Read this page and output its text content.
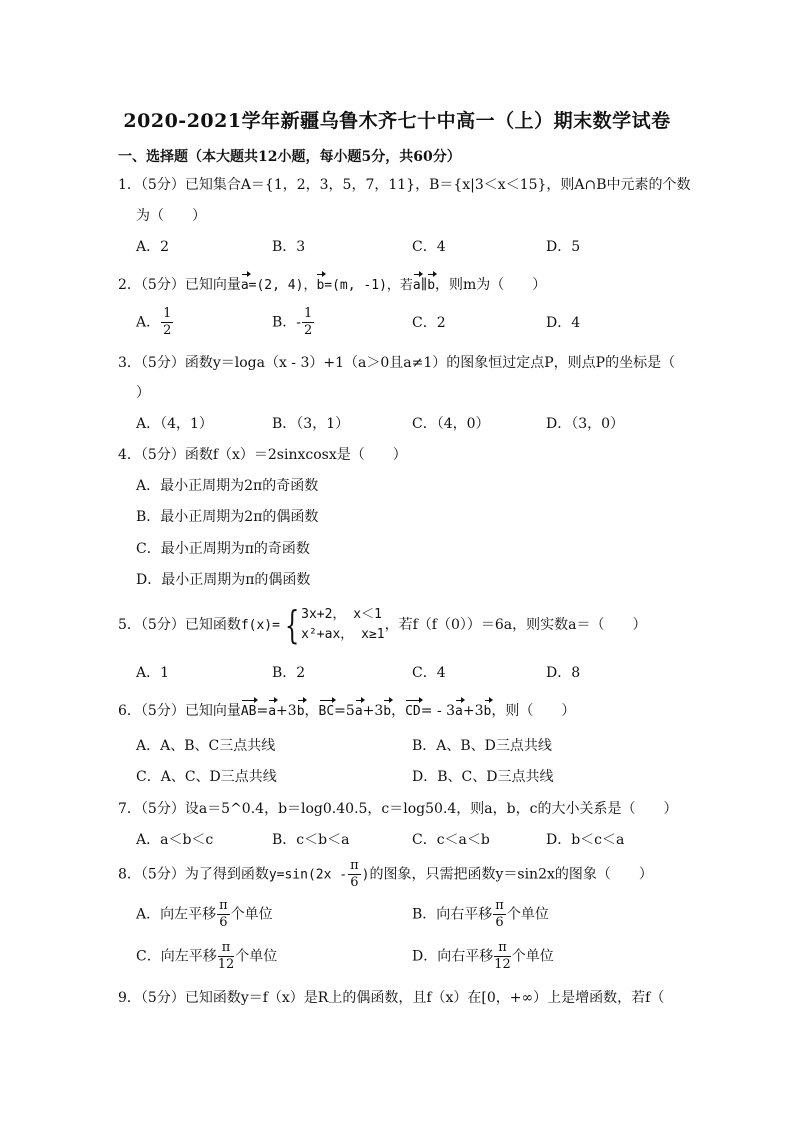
2020-2021学年新疆乌鲁木齐七十中高一（上）期末数学试卷
一、选择题（本大题共12小题，每小题5分，共60分）
1．（5分）已知集合A＝{1，2，3，5，7，11}，B＝{x|3＜x＜15}，则A∩B中元素的个数
为（　　）
A．2	B．3	C．4	D．5
2．（5分）已知向量a=(2, 4)，b=(m, -1)，若a∥b，则m为（　　）
A． $\frac{1}{2}$	B．- $\frac{1}{2}$	C．2	D．4
3．（5分）函数y＝loga（x - 3）+1（a＞0且a≠1）的图象恒过定点P，则点P的坐标是（
）
A．（4，1）	B．（3，1）	C．（4，0）	D．（3，0）
4．（5分）函数f（x）＝2sinxcosx是（　　）
A．最小正周期为2π的奇函数
B．最小正周期为2π的偶函数
C．最小正周期为π的奇函数
D．最小正周期为π的偶函数
5．（5分）已知函数f(x)= { 3x+2， x＜1
x²+ax， x≥1
，若f（f（0））＝6a，则实数a＝（　　）
A．1	B．2	C．4	D．8
6．（5分）已知向量AB=a+3b，BC=5a+3b，CD= - 3a+3b，则（　　）
A．A、B、C三点共线	B．A、B、D三点共线
C．A、C、D三点共线	D．B、C、D三点共线
7．（5分）设a＝5^0.4，b＝log0.40.5，c＝log50.4，则a，b，c的大小关系是（　　）
A．a＜b＜c	B．c＜b＜a	C．c＜a＜b	D．b＜c＜a
8．（5分）为了得到函数$y=\sin(2x - \frac{\pi}{6}$ )的图象，只需把函数y＝sin2x的图象（　　）
A．向左平移 $\frac{\pi}{6}$ 个单位	B．向右平移 $\frac{\pi}{6}$ 个单位
C．向左平移 $\frac{\pi}{12}$ 个单位	D．向右平移 $\frac{\pi}{12}$ 个单位
9．（5分）已知函数y＝f（x）是R上的偶函数，且f（x）在[0，+∞）上是增函数，若f（
